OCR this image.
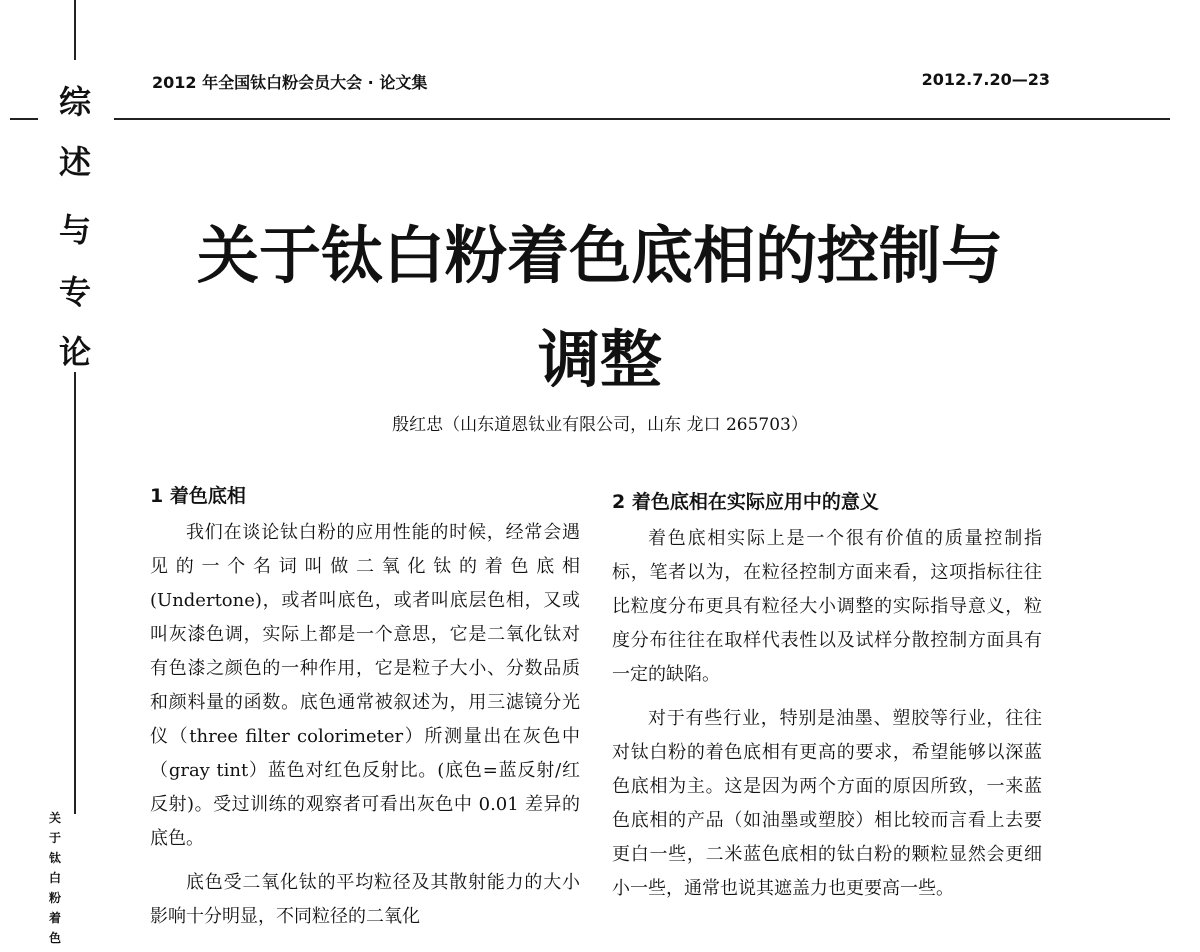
综
述
与
专
论
关
于
钛
白
粉
着
色
2012 年全国钛白粉会员大会 · 论文集	2012.7.20—23
关于钛白粉着色底相的控制与
调整
殷红忠（山东道恩钛业有限公司，山东 龙口 265703）
1 着色底相

我们在谈论钛白粉的应用性能的时候，经常会遇见的一个名词叫做二氧化钛的着色底相(Undertone)，或者叫底色，或者叫底层色相，又或叫灰漆色调，实际上都是一个意思，它是二氧化钛对有色漆之颜色的一种作用，它是粒子大小、分数品质和颜料量的函数。底色通常被叙述为，用三滤镜分光仪（three filter colorimeter）所测量出在灰色中（gray tint）蓝色对红色反射比。(底色=蓝反射/红反射)。受过训练的观察者可看出灰色中 0.01 差异的底色。

底色受二氧化钛的平均粒径及其散射能力的大小影响十分明显，不同粒径的二氧化

2 着色底相在实际应用中的意义

着色底相实际上是一个很有价值的质量控制指标，笔者以为，在粒径控制方面来看，这项指标往往比粒度分布更具有粒径大小调整的实际指导意义，粒度分布往往在取样代表性以及试样分散控制方面具有一定的缺陷。

对于有些行业，特别是油墨、塑胶等行业，往往对钛白粉的着色底相有更高的要求，希望能够以深蓝色底相为主。这是因为两个方面的原因所致，一来蓝色底相的产品（如油墨或塑胶）相比较而言看上去要更白一些，二米蓝色底相的钛白粉的颗粒显然会更细小一些，通常也说其遮盖力也更要高一些。
